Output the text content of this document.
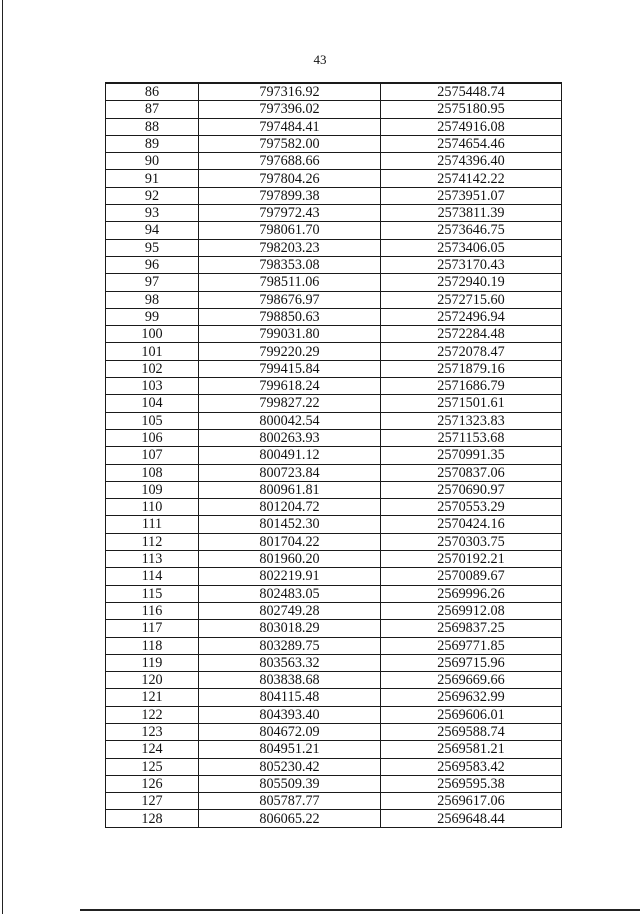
43
86	797316.92	2575448.74
87	797396.02	2575180.95
88	797484.41	2574916.08
89	797582.00	2574654.46
90	797688.66	2574396.40
91	797804.26	2574142.22
92	797899.38	2573951.07
93	797972.43	2573811.39
94	798061.70	2573646.75
95	798203.23	2573406.05
96	798353.08	2573170.43
97	798511.06	2572940.19
98	798676.97	2572715.60
99	798850.63	2572496.94
100	799031.80	2572284.48
101	799220.29	2572078.47
102	799415.84	2571879.16
103	799618.24	2571686.79
104	799827.22	2571501.61
105	800042.54	2571323.83
106	800263.93	2571153.68
107	800491.12	2570991.35
108	800723.84	2570837.06
109	800961.81	2570690.97
110	801204.72	2570553.29
111	801452.30	2570424.16
112	801704.22	2570303.75
113	801960.20	2570192.21
114	802219.91	2570089.67
115	802483.05	2569996.26
116	802749.28	2569912.08
117	803018.29	2569837.25
118	803289.75	2569771.85
119	803563.32	2569715.96
120	803838.68	2569669.66
121	804115.48	2569632.99
122	804393.40	2569606.01
123	804672.09	2569588.74
124	804951.21	2569581.21
125	805230.42	2569583.42
126	805509.39	2569595.38
127	805787.77	2569617.06
128	806065.22	2569648.44
